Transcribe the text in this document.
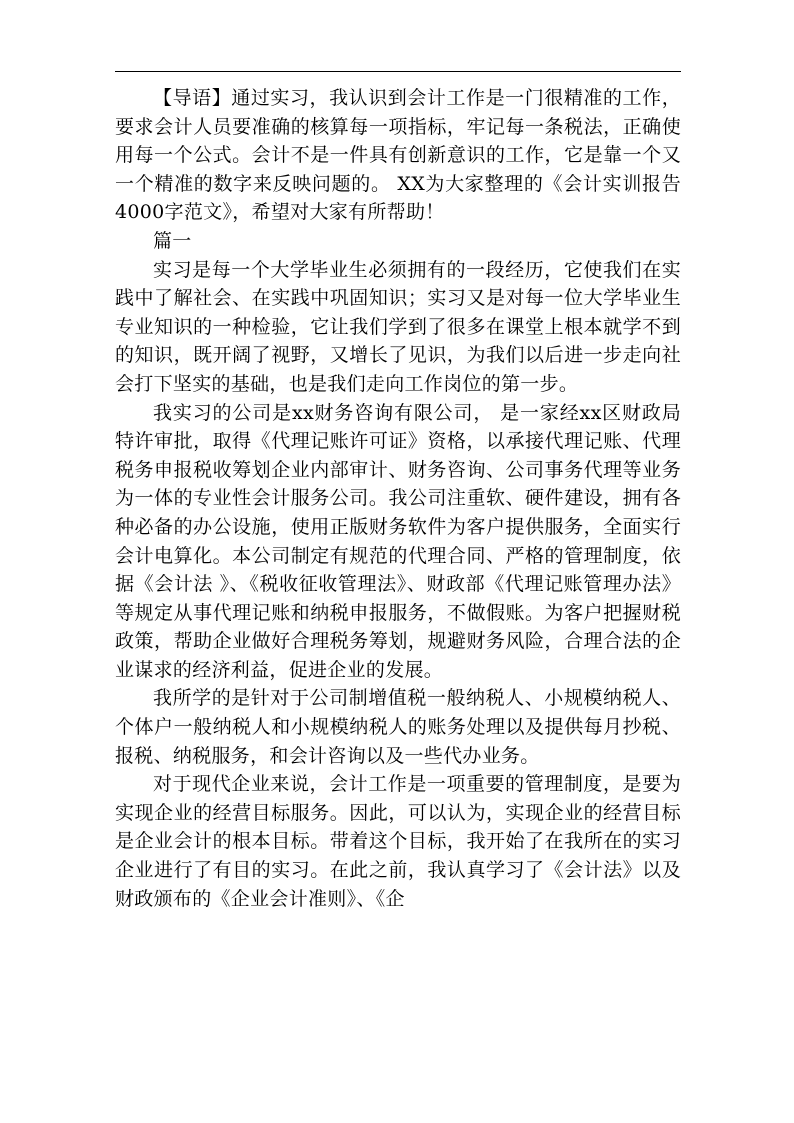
【导语】通过实习，我认识到会计工作是一门很精准的工作，要求会计人员要准确的核算每一项指标，牢记每一条税法，正确使用每一个公式。会计不是一件具有创新意识的工作，它是靠一个又一个精准的数字来反映问题的。 XX为大家整理的《会计实训报告4000字范文》，希望对大家有所帮助！

篇一

实习是每一个大学毕业生必须拥有的一段经历，它使我们在实践中了解社会、在实践中巩固知识；实习又是对每一位大学毕业生专业知识的一种检验，它让我们学到了很多在课堂上根本就学不到的知识，既开阔了视野，又增长了见识，为我们以后进一步走向社会打下坚实的基础，也是我们走向工作岗位的第一步。

我实习的公司是xx财务咨询有限公司， 是一家经xx区财政局特许审批，取得《代理记账许可证》资格，以承接代理记账、代理税务申报税收筹划企业内部审计、财务咨询、公司事务代理等业务为一体的专业性会计服务公司。我公司注重软、硬件建设，拥有各种必备的办公设施，使用正版财务软件为客户提供服务，全面实行会计电算化。本公司制定有规范的代理合同、严格的管理制度，依据《会计法 》、《税收征收管理法》、财政部《代理记账管理办法》等规定从事代理记账和纳税申报服务，不做假账。为客户把握财税政策，帮助企业做好合理税务筹划，规避财务风险，合理合法的企业谋求的经济利益，促进企业的发展。

我所学的是针对于公司制增值税一般纳税人、小规模纳税人、个体户一般纳税人和小规模纳税人的账务处理以及提供每月抄税、报税、纳税服务，和会计咨询以及一些代办业务。

对于现代企业来说，会计工作是一项重要的管理制度，是要为实现企业的经营目标服务。因此，可以认为，实现企业的经营目标是企业会计的根本目标。带着这个目标，我开始了在我所在的实习企业进行了有目的实习。在此之前，我认真学习了《会计法》以及财政颁布的《企业会计准则》、《企
